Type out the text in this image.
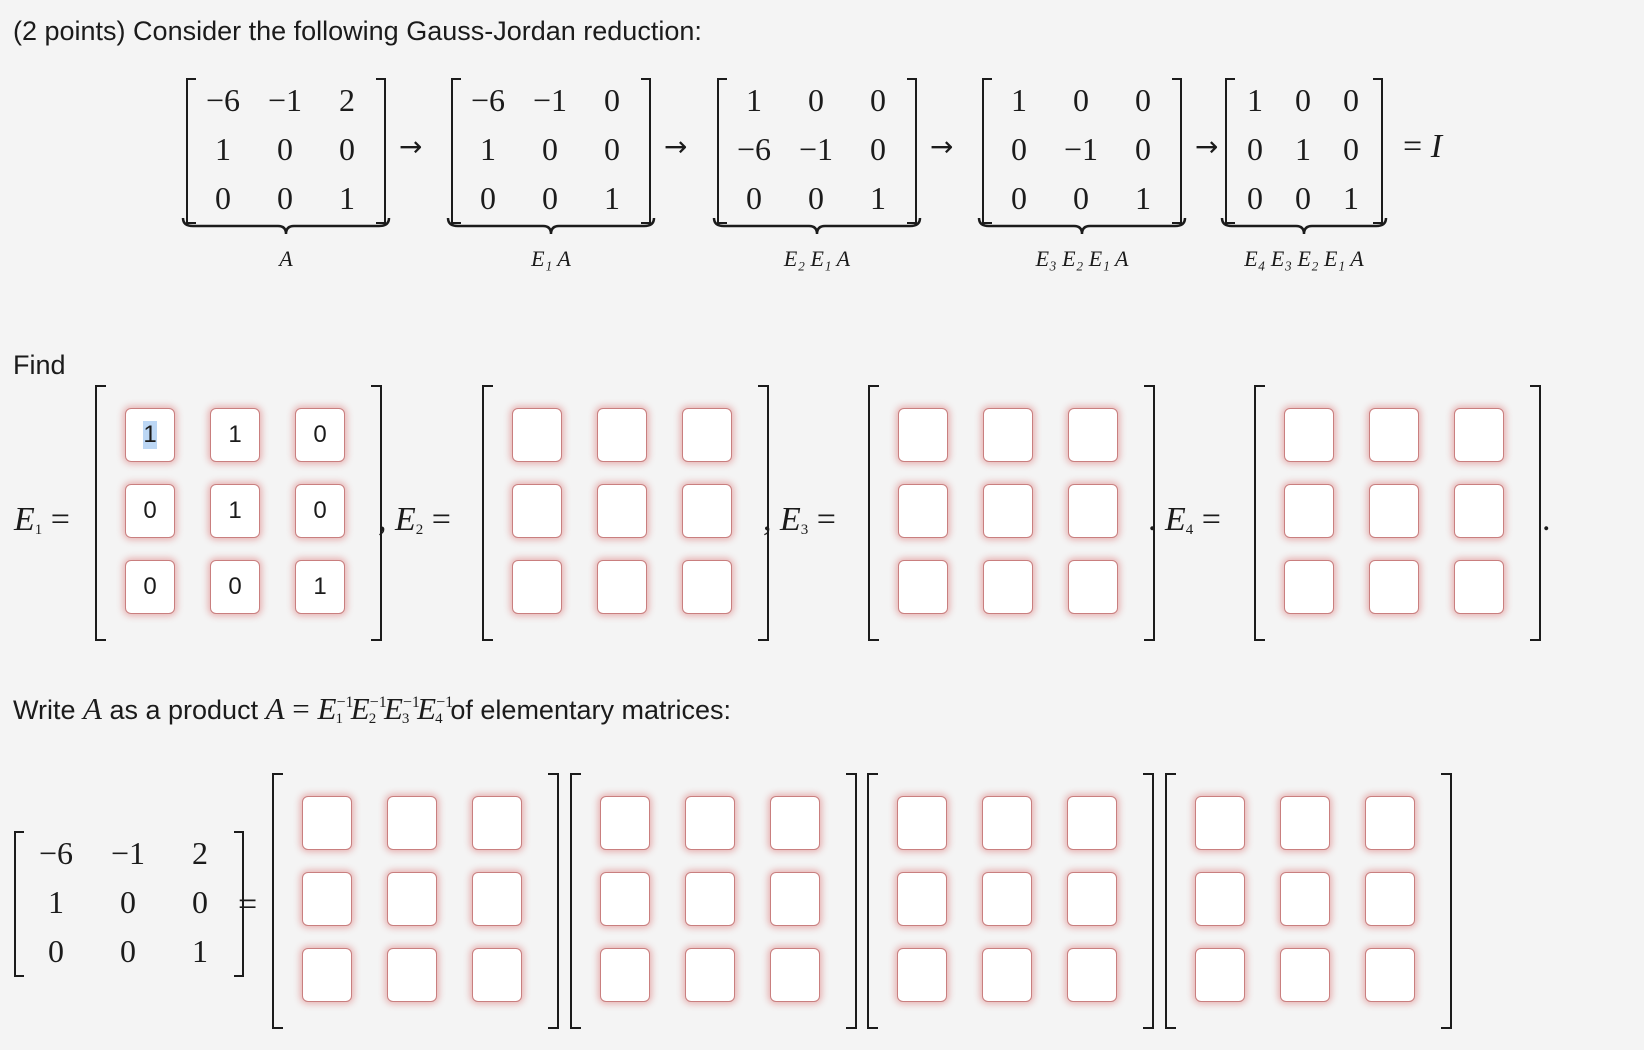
(2 points) Consider the following Gauss-Jordan reduction:
−6 −1	2
1	0	0
0	0	1
A
→
−6 −1	0
1	0	0
0	0	1
E₁ A
→
1	0	0
−6 −1	0
0	0	1
E₂ E₁ A
→
1	0	0
0	−1	0
0	0	1
E₃ E₂ E₁ A
→
1	0	0
0	1	0
0	0	1
E₄ E₃ E₂ E₁ A
= I
Find
$E_1$ =	, $E_2$ =	, $E_3$ =	. $E_4$ =	.
1	1	0
0	1	0
0	0	1
Write A as a product $A = E^{-1}_1$ $E^{-1}_2$ $E^{-1}_3$ $E^{-1}_4$ of elementary matrices:
−6	−1	2
1	0	0
0	0	1
=
